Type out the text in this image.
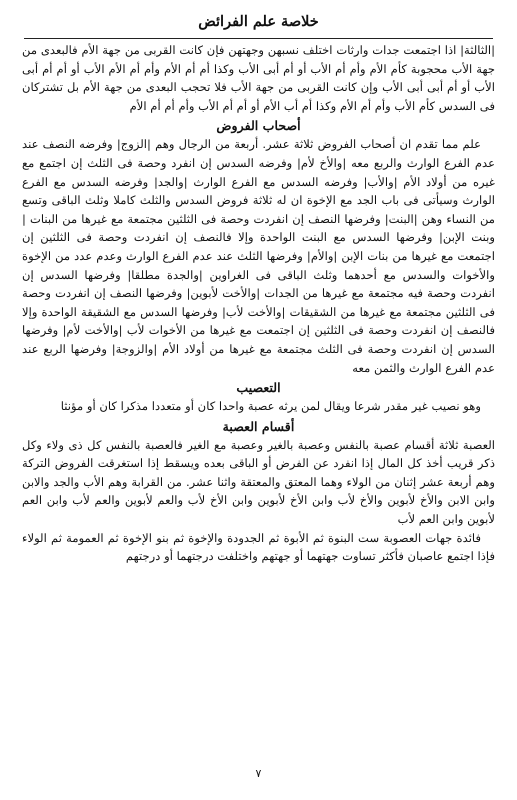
خلاصة علم الفرائض

|الثالثة| اذا اجتمعت جدات وارثات اختلف نسبهن وجهتهن فإن كانت القربى من جهة الأم فالبعدى من جهة الأب محجوبة كأم الأم وأم أم الأب أو أم أبى الأب وكذا أم أم الأم وأم أم الأم الأب أو أم أم أبى الأب أو أم أبى أبى الأب وإن كانت القربى من جهة الأب فلا تحجب البعدى من جهة الأم بل تشتركان فى السدس كأم الأب وأم أم الأم وكذا أم أب الأم أو أم أم الأب وأم أم أم الأم

أصحاب الفروض

علم مما تقدم ان أصحاب الفروض ثلاثة عشر. أربعة من الرجال وهم |الزوج| وفرضه النصف عند عدم الفرع الوارث والربع معه |والأخ لأم| وفرضه السدس إن انفرد وحصة فى الثلث إن اجتمع مع غيره من أولاد الأم |والأب| وفرضه السدس مع الفرع الوارث |والجد| وفرضه السدس مع الفرع الوارث وسيأتى فى باب الجد مع الإخوة ان له ثلاثة فروض السدس والثلث كاملا وثلث الباقى وتسع من النساء وهن |البنت| وفرضها النصف إن انفردت وحصة فى الثلثين مجتمعة مع غيرها من البنات |وبنت الإبن| وفرضها السدس مع البنت الواحدة وإلا فالنصف إن انفردت وحصة فى الثلثين إن اجتمعت مع غيرها من بنات الإبن |والأم| وفرضها الثلث عند عدم الفرع الوارث وعدم عدد من الإخوة والأخوات والسدس مع أحدهما وثلث الباقى فى الغراوين |والجدة مطلقا| وفرضها السدس إن انفردت وحصة فيه مجتمعة مع غيرها من الجدات |والأخت لأبوين| وفرضها النصف إن انفردت وحصة فى الثلثين مجتمعة مع غيرها من الشقيقات |والأخت لأب| وفرضها السدس مع الشقيقة الواحدة وإلا فالنصف إن انفردت وحصة فى الثلثين إن اجتمعت مع غيرها من الأخوات لأب |والأخت لأم| وفرضها السدس إن انفردت وحصة فى الثلث مجتمعة مع غيرها من أولاد الأم |والزوجة| وفرضها الربع عند عدم الفرع الوارث والثمن معه

التعصيب

وهو نصيب غير مقدر شرعا ويقال لمن يرثه عصبة واحدا كان أو متعددا مذكرا كان أو مؤنثا

أقسام العصبة

العصبة ثلاثة أقسام عصبة بالنفس وعصبة بالغير وعصبة مع الغير فالعصبة بالنفس كل ذى ولاء وكل ذكر قريب أخذ كل المال إذا انفرد عن الفرض أو الباقى بعده ويسقط إذا استغرقت الفروض التركة وهم أربعة عشر إثنان من الولاء وهما المعتق والمعتقة واثنا عشر. من القرابة وهم الأب والجد والابن وابن الابن والأخ لأبوين والأخ لأب وابن الأخ لأبوين وابن الأخ لأب والعم لأبوين والعم لأب وابن العم لأبوين وابن العم لأب

فائدة جهات العصوبة ست البنوة ثم الأبوة ثم الجدودة والإخوة ثم بنو الإخوة ثم العمومة ثم الولاء فإذا اجتمع عاصبان فأكثر تساوت جهتهما أو جهتهم واختلفت درجتهما أو درجتهم

٧
